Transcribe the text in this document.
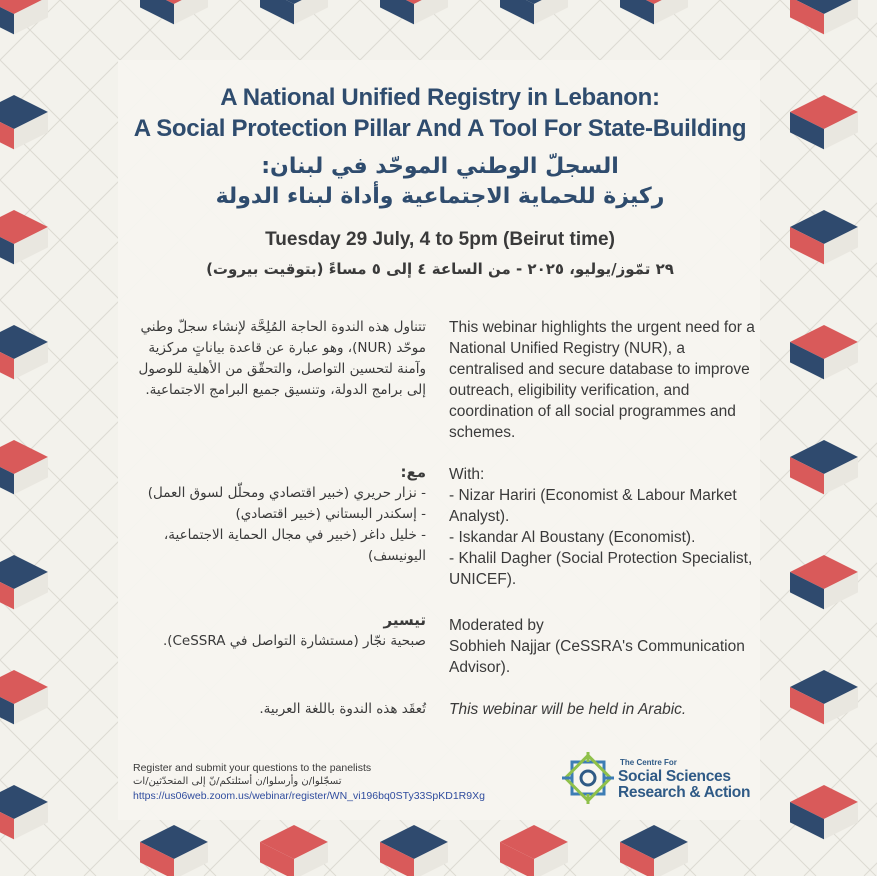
A National Unified Registry in Lebanon:
A Social Protection Pillar And A Tool For State-Building
السجلّ الوطني الموحّد في لبنان:
ركيزة للحماية الاجتماعية وأداة لبناء الدولة
Tuesday 29 July, 4 to 5pm (Beirut time)
٢٩ تمّوز/يوليو، ٢٠٢٥ - من الساعة ٤ إلى ٥ مساءً (بتوقيت بيروت)
This webinar highlights the urgent need for a National Unified Registry (NUR), a centralised and secure database to improve outreach, eligibility verification, and coordination of all social programmes and schemes.
With:
- Nizar Hariri (Economist & Labour Market Analyst).
- Iskandar Al Boustany (Economist).
- Khalil Dagher (Social Protection Specialist, UNICEF).
Moderated by
Sobhieh Najjar (CeSSRA's Communication Advisor).
This webinar will be held in Arabic.
تتناول هذه الندوة الحاجة المُلِحَّة لإنشاء سجلّ وطني موحّد (NUR)، وهو عبارة عن قاعدة بياناتٍ مركزية وآمنة لتحسين التواصل، والتحقّق من الأهلية للوصول إلى برامج الدولة، وتنسيق جميع البرامج الاجتماعية.
مع:
- نزار حريري (خبير اقتصادي ومحلّل لسوق العمل)
- إسكندر البستاني (خبير اقتصادي)
- خليل داغر (خبير في مجال الحماية الاجتماعية، اليونيسف)
تيسير
صبحية نجّار (مستشارة التواصل في CeSSRA).
تُعقَد هذه الندوة باللغة العربية.
Register and submit your questions to the panelists
تسجّلوا/ن وأرسلوا/ن أسئلتكم/نّ إلى المتحدّثين/ات
https://us06web.zoom.us/webinar/register/WN_vi196bq0STy33SpKD1R9Xg
The Centre For
Social Sciences
Research & Action
